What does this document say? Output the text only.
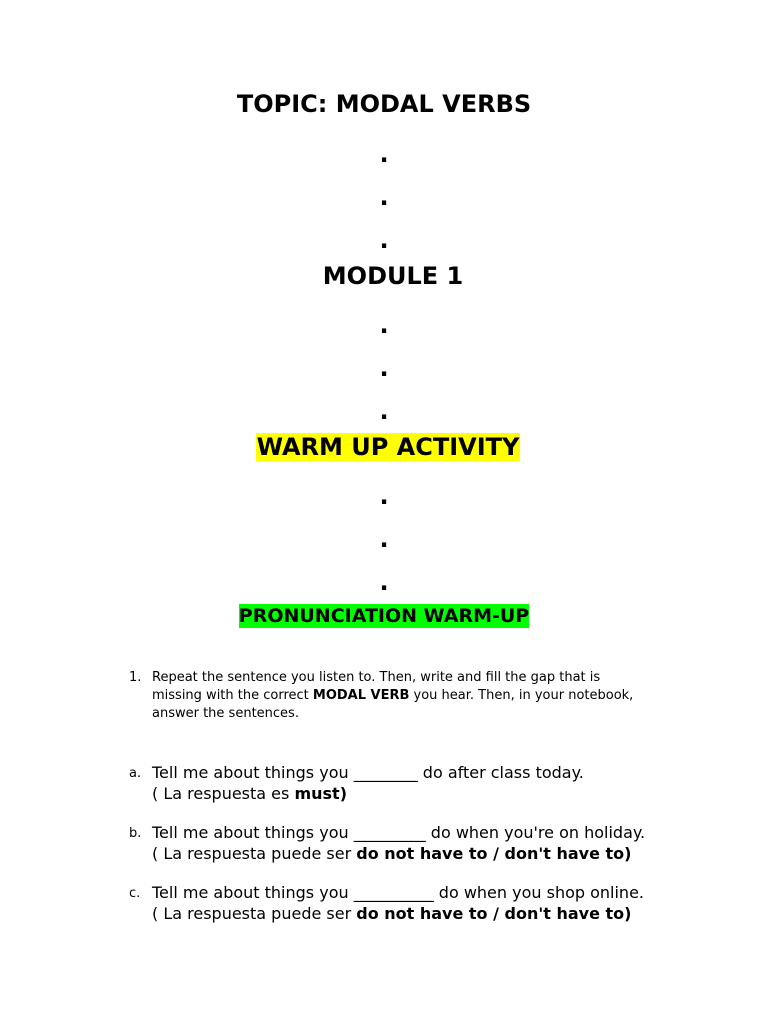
TOPIC: MODAL VERBS
.
.
.
MODULE 1
.
.
.
WARM UP ACTIVITY
.
.
.
PRONUNCIATION WARM-UP
1. Repeat the sentence you listen to. Then, write and fill the gap that is missing with the correct MODAL VERB you hear. Then, in your notebook, answer the sentences.
a. Tell me about things you ________ do after class today.
( La respuesta es must)
b. Tell me about things you _________ do when you're on holiday.
( La respuesta puede ser do not have to / don't have to)
c. Tell me about things you __________ do when you shop online.
( La respuesta puede ser do not have to / don't have to)
